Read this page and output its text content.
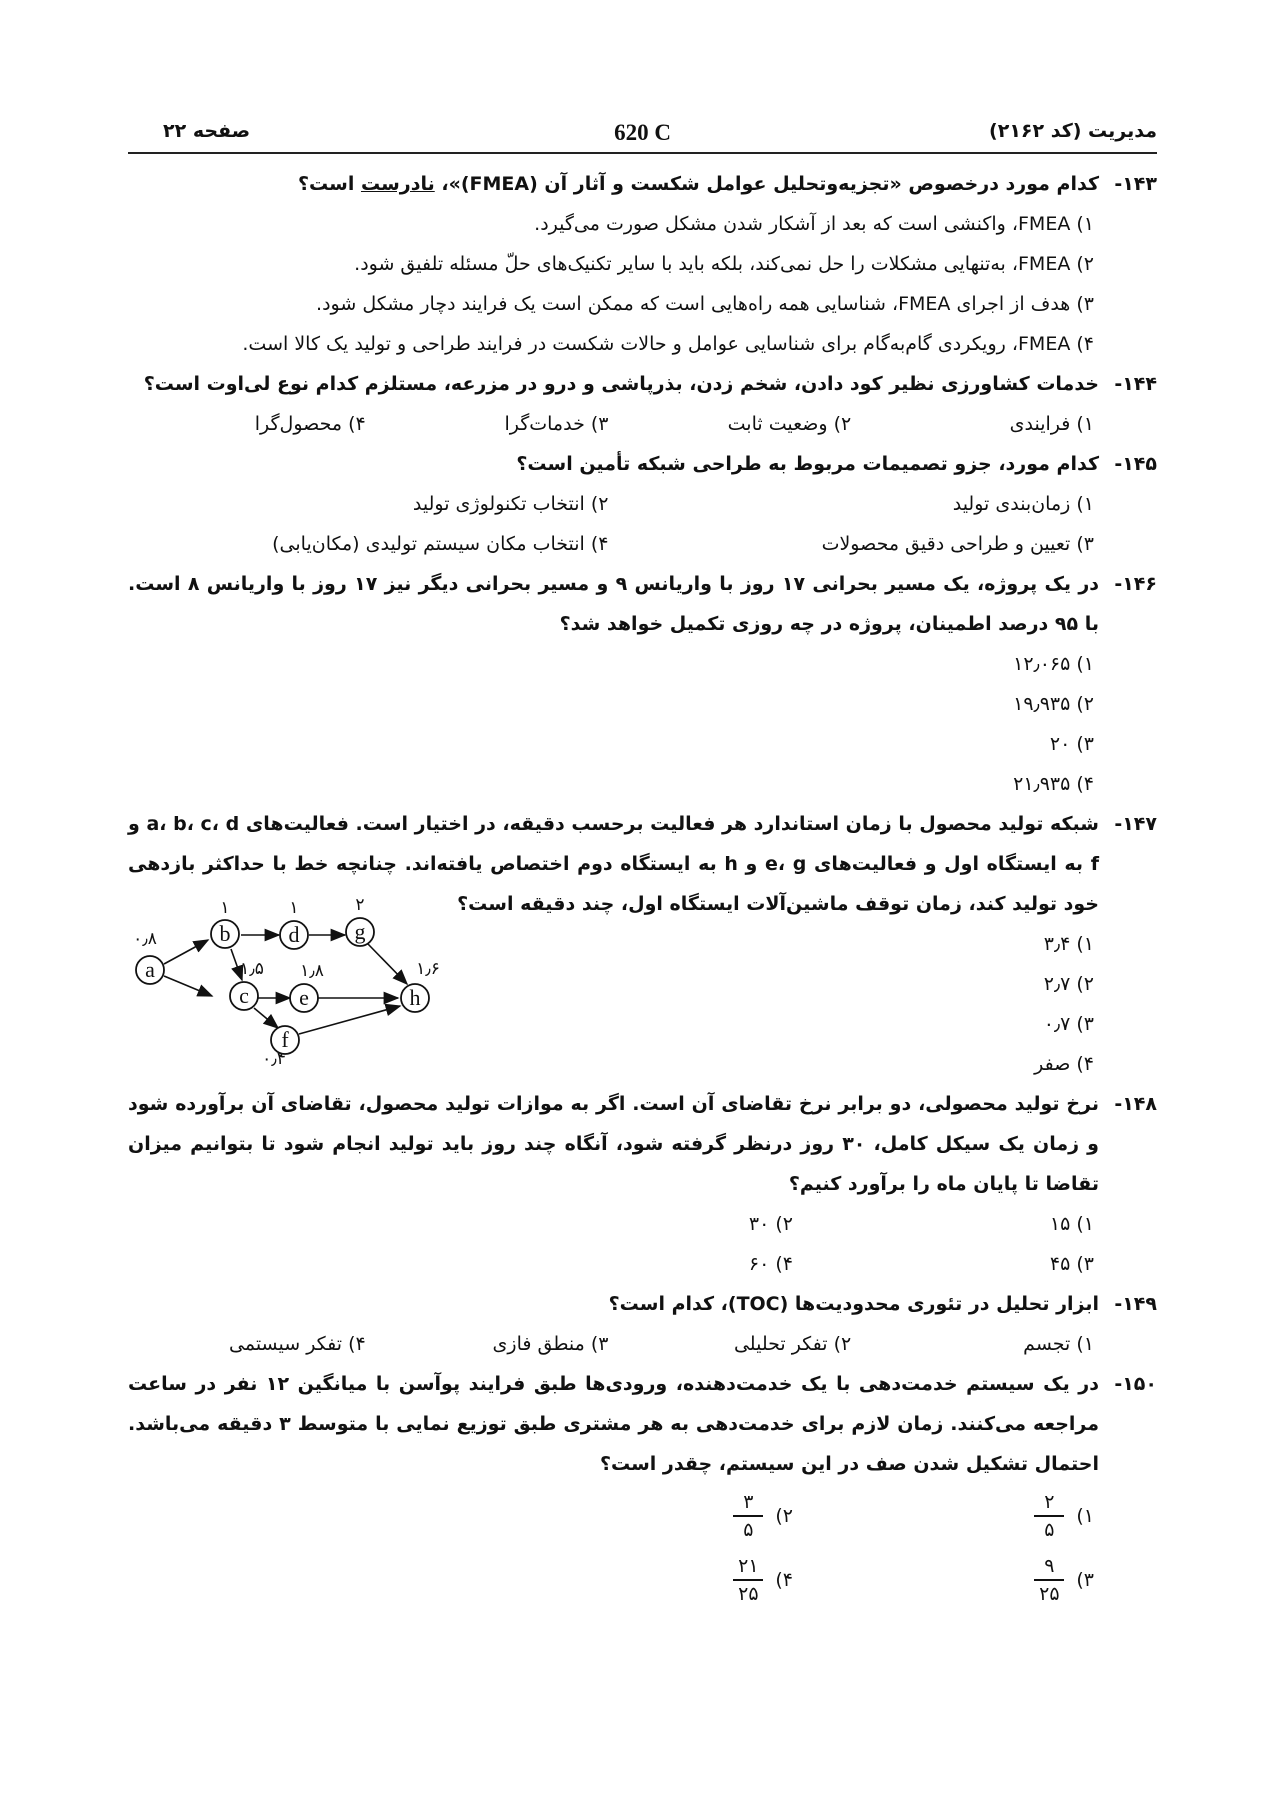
مدیریت (کد ۲۱۶۲)
620 C
صفحه ۲۲
۱۴۳-
کدام مورد درخصوص «تجزیه‌وتحلیل عوامل شکست و آثار آن (FMEA)»، نادرست است؟
۱) FMEA، واکنشی است که بعد از آشکار شدن مشکل صورت می‌گیرد.
۲) FMEA، به‌تنهایی مشکلات را حل نمی‌کند، بلکه باید با سایر تکنیک‌های حلّ مسئله تلفیق شود.
۳) هدف از اجرای FMEA، شناسایی همه راه‌هایی است که ممکن است یک فرایند دچار مشکل شود.
۴) FMEA، رویکردی گام‌به‌گام برای شناسایی عوامل و حالات شکست در فرایند طراحی و تولید یک کالا است.
۱۴۴-
خدمات کشاورزی نظیر کود دادن، شخم زدن، بذرپاشی و درو در مزرعه، مستلزم کدام نوع لی‌اوت است؟
۱) فرایندی
۲) وضعیت ثابت
۳) خدمات‌گرا
۴) محصول‌گرا
۱۴۵-
کدام مورد، جزو تصمیمات مربوط به طراحی شبکه تأمین است؟
۱) زمان‌بندی تولید
۲) انتخاب تکنولوژی تولید
۳) تعیین و طراحی دقیق محصولات
۴) انتخاب مکان سیستم تولیدی (مکان‌یابی)
۱۴۶-
در یک پروژه، یک مسیر بحرانی ۱۷ روز با واریانس ۹ و مسیر بحرانی دیگر نیز ۱۷ روز با واریانس ۸ است. با ۹۵ درصد اطمینان، پروژه در چه روزی تکمیل خواهد شد؟
۱) ۱۲٫۰۶۵
۲) ۱۹٫۹۳۵
۳) ۲۰
۴) ۲۱٫۹۳۵
۱۴۷-
شبکه تولید محصول با زمان استاندارد هر فعالیت برحسب دقیقه، در اختیار است. فعالیت‌های a، b، c، d و f به ایستگاه اول و فعالیت‌های e، g و h به ایستگاه دوم اختصاص یافته‌اند. چنانچه خط با حداکثر بازدهی خود تولید کند، زمان توقف ماشین‌آلات ایستگاه اول، چند دقیقه است؟
۱) ۳٫۴
۲) ۲٫۷
۳) ۰٫۷
۴) صفر
a
b
c
d
e
f
g
h
۰٫۸
۱
۱٫۵
۱
۱٫۸
۰٫۴
۲
۱٫۶
۱۴۸-
نرخ تولید محصولی، دو برابر نرخ تقاضای آن است. اگر به موازات تولید محصول، تقاضای آن برآورده شود و زمان یک سیکل کامل، ۳۰ روز درنظر گرفته شود، آنگاه چند روز باید تولید انجام شود تا بتوانیم میزان تقاضا تا پایان ماه را برآورد کنیم؟
۱) ۱۵
۲) ۳۰
۳) ۴۵
۴) ۶۰
۱۴۹-
ابزار تحلیل در تئوری محدودیت‌ها (TOC)، کدام است؟
۱) تجسم
۲) تفکر تحلیلی
۳) منطق فازی
۴) تفکر سیستمی
۱۵۰-
در یک سیستم خدمت‌دهی با یک خدمت‌دهنده، ورودی‌ها طبق فرایند پوآسن با میانگین ۱۲ نفر در ساعت مراجعه می‌کنند. زمان لازم برای خدمت‌دهی به هر مشتری طبق توزیع نمایی با متوسط ۳ دقیقه می‌باشد. احتمال تشکیل شدن صف در این سیستم، چقدر است؟
۱)
$\frac{۲}{۵}$
۲)
$\frac{۳}{۵}$
۳)
$\frac{۹}{۲۵}$
۴)
$\frac{۲۱}{۲۵}$
